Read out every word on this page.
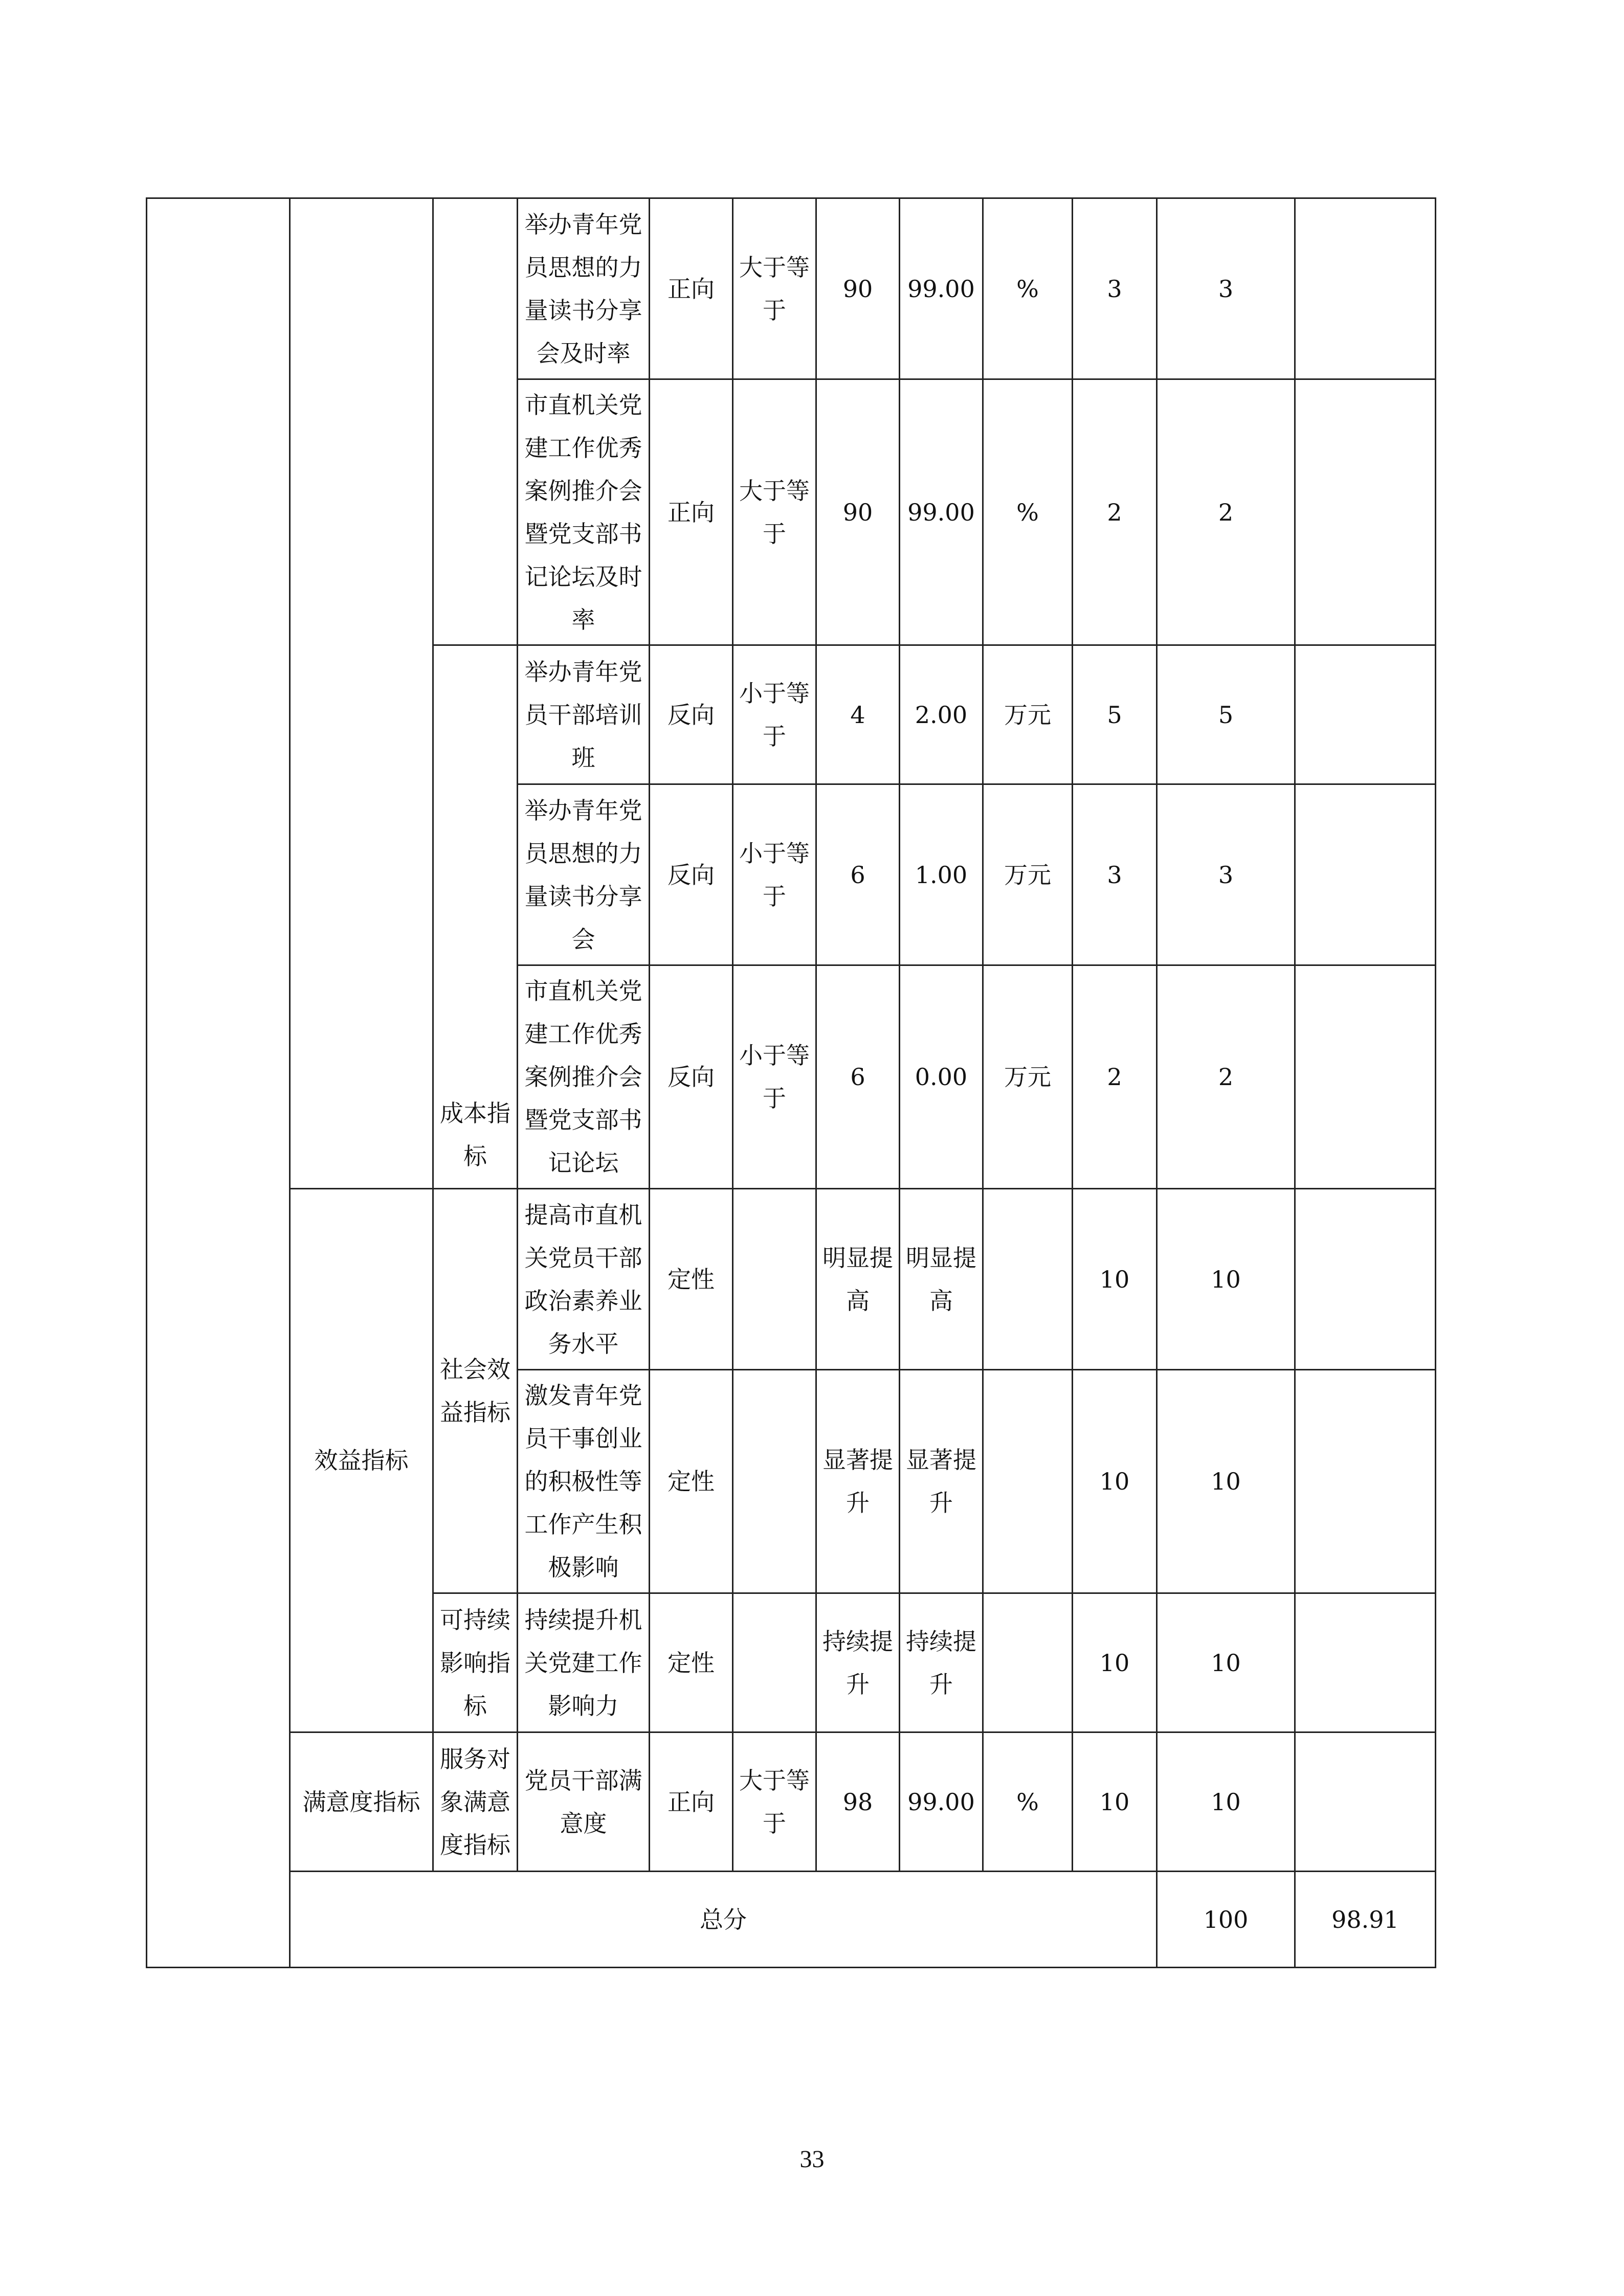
			举办青年党员思想的力量读书分享会及时率	正向	大于等于	90	99.00	%	3	3		
			市直机关党建工作优秀案例推介会暨党支部书记论坛及时率	正向	大于等于	90	99.00	%	2	2		
		成本指标	举办青年党员干部培训班	反向	小于等于	4	2.00	万元	5	5		
			举办青年党员思想的力量读书分享会	反向	小于等于	6	1.00	万元	3	3		
			市直机关党建工作优秀案例推介会暨党支部书记论坛	反向	小于等于	6	0.00	万元	2	2		
	效益指标	社会效益指标	提高市直机关党员干部政治素养业务水平	定性		明显提高	明显提高		10	10		
			激发青年党员干事创业的积极性等工作产生积极影响	定性		显著提升	显著提升		10	10		
		可持续影响指标	持续提升机关党建工作影响力	定性		持续提升	持续提升		10	10		
	满意度指标	服务对象满意度指标	党员干部满意度	正向	大于等于	98	99.00	%	10	10		
	总分									100	98.91	
33
